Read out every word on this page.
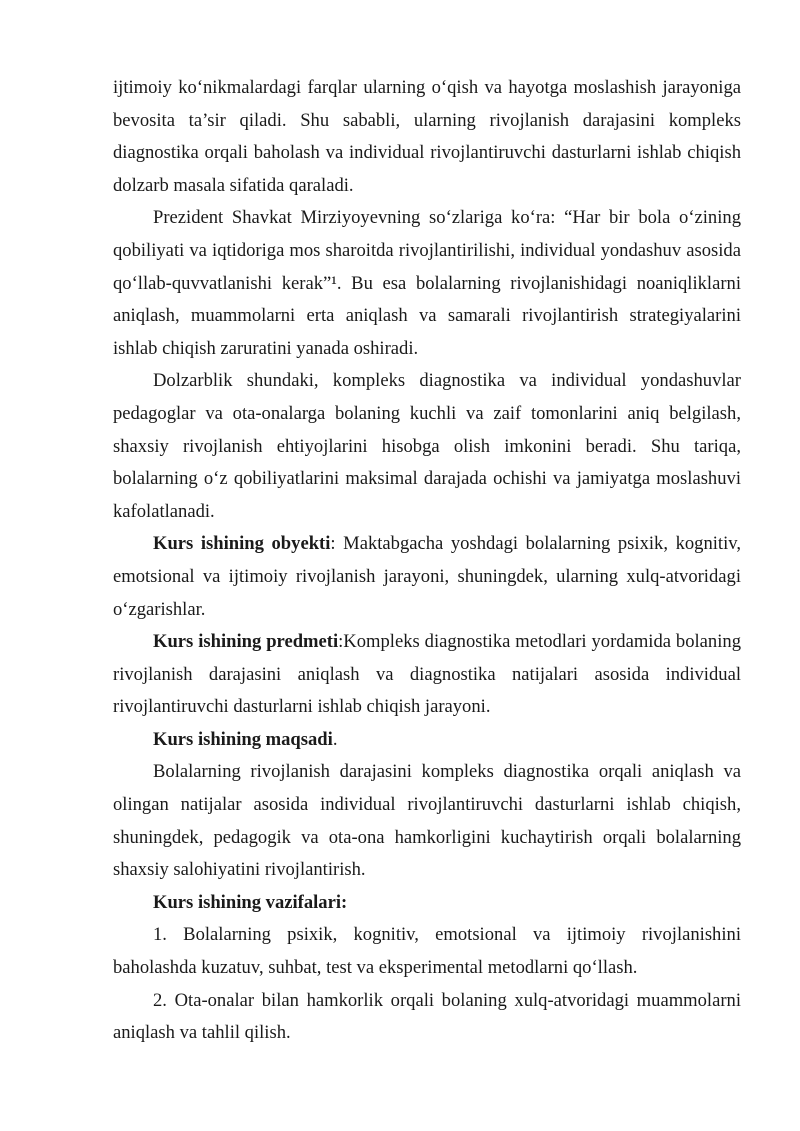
ijtimoiy ko‘nikmalardagi farqlar ularning o‘qish va hayotga moslashish jarayoniga bevosita ta’sir qiladi. Shu sababli, ularning rivojlanish darajasini kompleks diagnostika orqali baholash va individual rivojlantiruvchi dasturlarni ishlab chiqish dolzarb masala sifatida qaraladi.

Prezident Shavkat Mirziyoyevning so‘zlariga ko‘ra: “Har bir bola o‘zining qobiliyati va iqtidoriga mos sharoitda rivojlantirilishi, individual yondashuv asosida qo‘llab-quvvatlanishi kerak”¹. Bu esa bolalarning rivojlanishidagi noaniqliklarni aniqlash, muammolarni erta aniqlash va samarali rivojlantirish strategiyalarini ishlab chiqish zaruratini yanada oshiradi.

Dolzarblik shundaki, kompleks diagnostika va individual yondashuvlar pedagoglar va ota-onalarga bolaning kuchli va zaif tomonlarini aniq belgilash, shaxsiy rivojlanish ehtiyojlarini hisobga olish imkonini beradi. Shu tariqa, bolalarning o‘z qobiliyatlarini maksimal darajada ochishi va jamiyatga moslashuvi kafolatlanadi.

Kurs ishining obyekti: Maktabgacha yoshdagi bolalarning psixik, kognitiv, emotsional va ijtimoiy rivojlanish jarayoni, shuningdek, ularning xulq-atvoridagi o‘zgarishlar.

Kurs ishining predmeti:Kompleks diagnostika metodlari yordamida bolaning rivojlanish darajasini aniqlash va diagnostika natijalari asosida individual rivojlantiruvchi dasturlarni ishlab chiqish jarayoni.

Kurs ishining maqsadi.

Bolalarning rivojlanish darajasini kompleks diagnostika orqali aniqlash va olingan natijalar asosida individual rivojlantiruvchi dasturlarni ishlab chiqish, shuningdek, pedagogik va ota-ona hamkorligini kuchaytirish orqali bolalarning shaxsiy salohiyatini rivojlantirish.

Kurs ishining vazifalari:

1. Bolalarning psixik, kognitiv, emotsional va ijtimoiy rivojlanishini baholashda kuzatuv, suhbat, test va eksperimental metodlarni qo‘llash.

2. Ota-onalar bilan hamkorlik orqali bolaning xulq-atvoridagi muammolarni aniqlash va tahlil qilish.
